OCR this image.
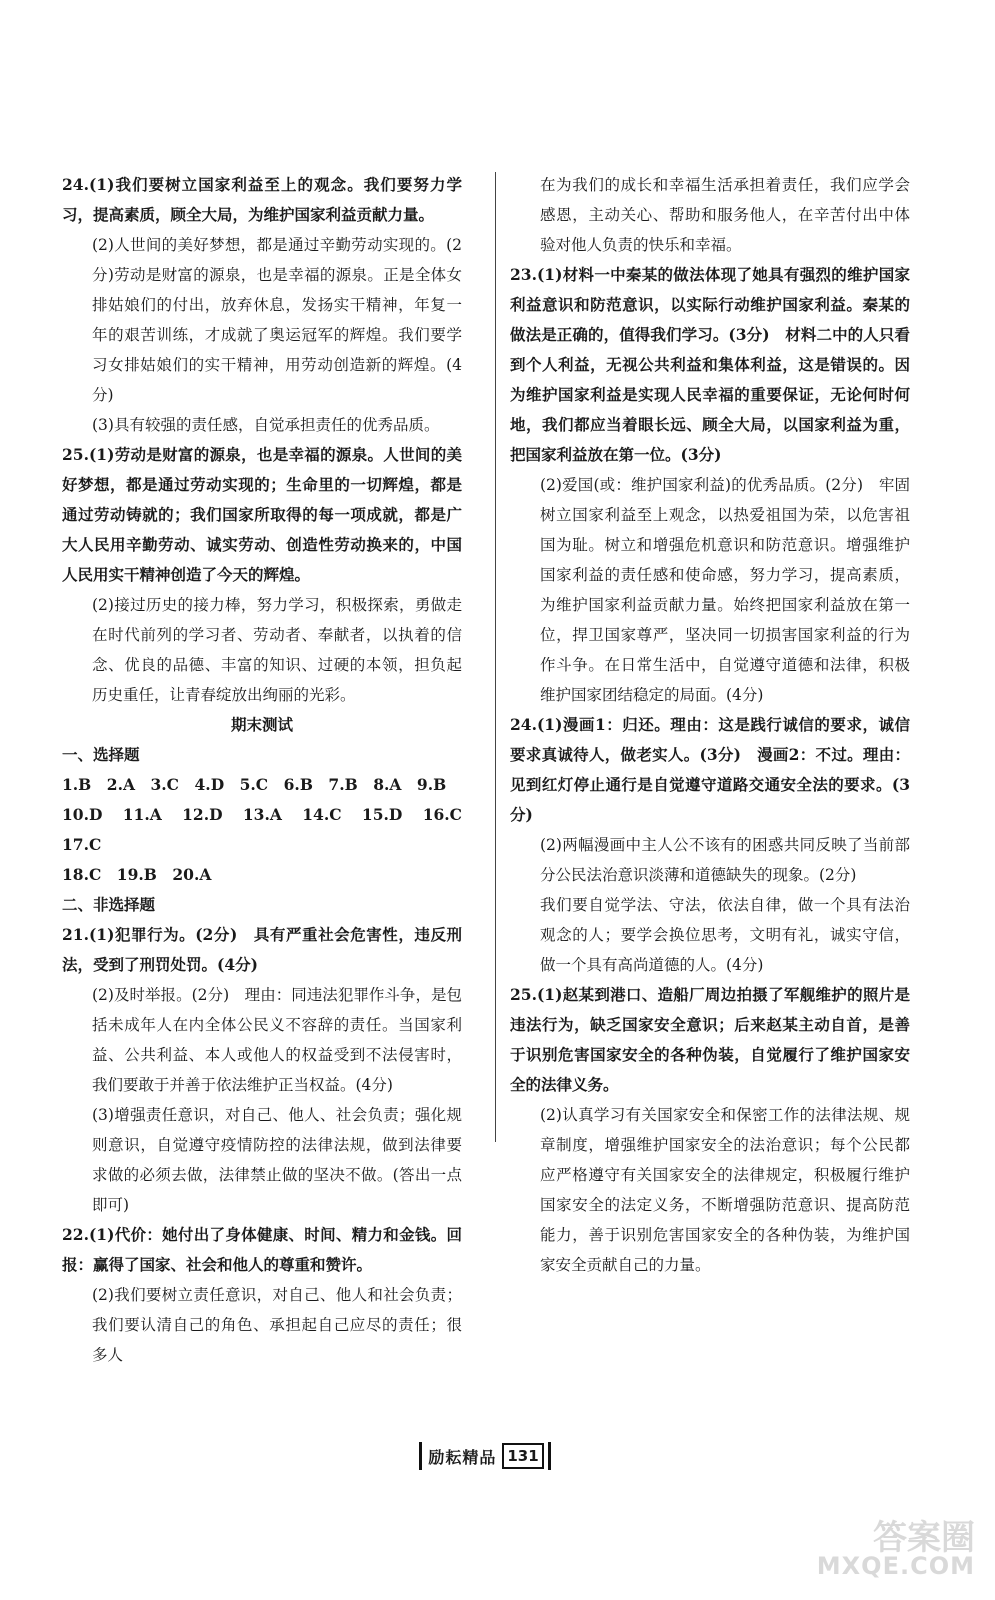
24.(1)我们要树立国家利益至上的观念。我们要努力学习，提高素质，顾全大局，为维护国家利益贡献力量。

(2)人世间的美好梦想，都是通过辛勤劳动实现的。(2分)劳动是财富的源泉，也是幸福的源泉。正是全体女排姑娘们的付出，放弃休息，发扬实干精神，年复一年的艰苦训练，才成就了奥运冠军的辉煌。我们要学习女排姑娘们的实干精神，用劳动创造新的辉煌。(4分)

(3)具有较强的责任感，自觉承担责任的优秀品质。

25.(1)劳动是财富的源泉，也是幸福的源泉。人世间的美好梦想，都是通过劳动实现的；生命里的一切辉煌，都是通过劳动铸就的；我们国家所取得的每一项成就，都是广大人民用辛勤劳动、诚实劳动、创造性劳动换来的，中国人民用实干精神创造了今天的辉煌。

(2)接过历史的接力棒，努力学习，积极探索，勇做走在时代前列的学习者、劳动者、奉献者，以执着的信念、优良的品德、丰富的知识、过硬的本领，担负起历史重任，让青春绽放出绚丽的光彩。

期末测试

一、选择题

1.B　2.A　3.C　4.D　5.C　6.B　7.B　8.A　9.B

10.D　11.A　12.D　13.A　14.C　15.D　16.C　17.C

18.C　19.B　20.A

二、非选择题

21.(1)犯罪行为。(2分)　具有严重社会危害性，违反刑法，受到了刑罚处罚。(4分)

(2)及时举报。(2分)　理由：同违法犯罪作斗争，是包括未成年人在内全体公民义不容辞的责任。当国家利益、公共利益、本人或他人的权益受到不法侵害时，我们要敢于并善于依法维护正当权益。(4分)

(3)增强责任意识，对自己、他人、社会负责；强化规则意识，自觉遵守疫情防控的法律法规，做到法律要求做的必须去做，法律禁止做的坚决不做。(答出一点即可)

22.(1)代价：她付出了身体健康、时间、精力和金钱。回报：赢得了国家、社会和他人的尊重和赞许。

(2)我们要树立责任意识，对自己、他人和社会负责；我们要认清自己的角色、承担起自己应尽的责任；很多人

在为我们的成长和幸福生活承担着责任，我们应学会感恩，主动关心、帮助和服务他人，在辛苦付出中体验对他人负责的快乐和幸福。

23.(1)材料一中秦某的做法体现了她具有强烈的维护国家利益意识和防范意识，以实际行动维护国家利益。秦某的做法是正确的，值得我们学习。(3分)　材料二中的人只看到个人利益，无视公共利益和集体利益，这是错误的。因为维护国家利益是实现人民幸福的重要保证，无论何时何地，我们都应当着眼长远、顾全大局，以国家利益为重，把国家利益放在第一位。(3分)

(2)爱国(或：维护国家利益)的优秀品质。(2分)　牢固树立国家利益至上观念，以热爱祖国为荣，以危害祖国为耻。树立和增强危机意识和防范意识。增强维护国家利益的责任感和使命感，努力学习，提高素质，为维护国家利益贡献力量。始终把国家利益放在第一位，捍卫国家尊严，坚决同一切损害国家利益的行为作斗争。在日常生活中，自觉遵守道德和法律，积极维护国家团结稳定的局面。(4分)

24.(1)漫画1：归还。理由：这是践行诚信的要求，诚信要求真诚待人，做老实人。(3分)　漫画2：不过。理由：见到红灯停止通行是自觉遵守道路交通安全法的要求。(3分)

(2)两幅漫画中主人公不该有的困惑共同反映了当前部分公民法治意识淡薄和道德缺失的现象。(2分)

我们要自觉学法、守法，依法自律，做一个具有法治观念的人；要学会换位思考，文明有礼，诚实守信，做一个具有高尚道德的人。(4分)

25.(1)赵某到港口、造船厂周边拍摄了军舰维护的照片是违法行为，缺乏国家安全意识；后来赵某主动自首，是善于识别危害国家安全的各种伪装，自觉履行了维护国家安全的法律义务。

(2)认真学习有关国家安全和保密工作的法律法规、规章制度，增强维护国家安全的法治意识；每个公民都应严格遵守有关国家安全的法律规定，积极履行维护国家安全的法定义务，不断增强防范意识、提高防范能力，善于识别危害国家安全的各种伪装，为维护国家安全贡献自己的力量。

励耘精品 131
答案圈
MXQE.COM
